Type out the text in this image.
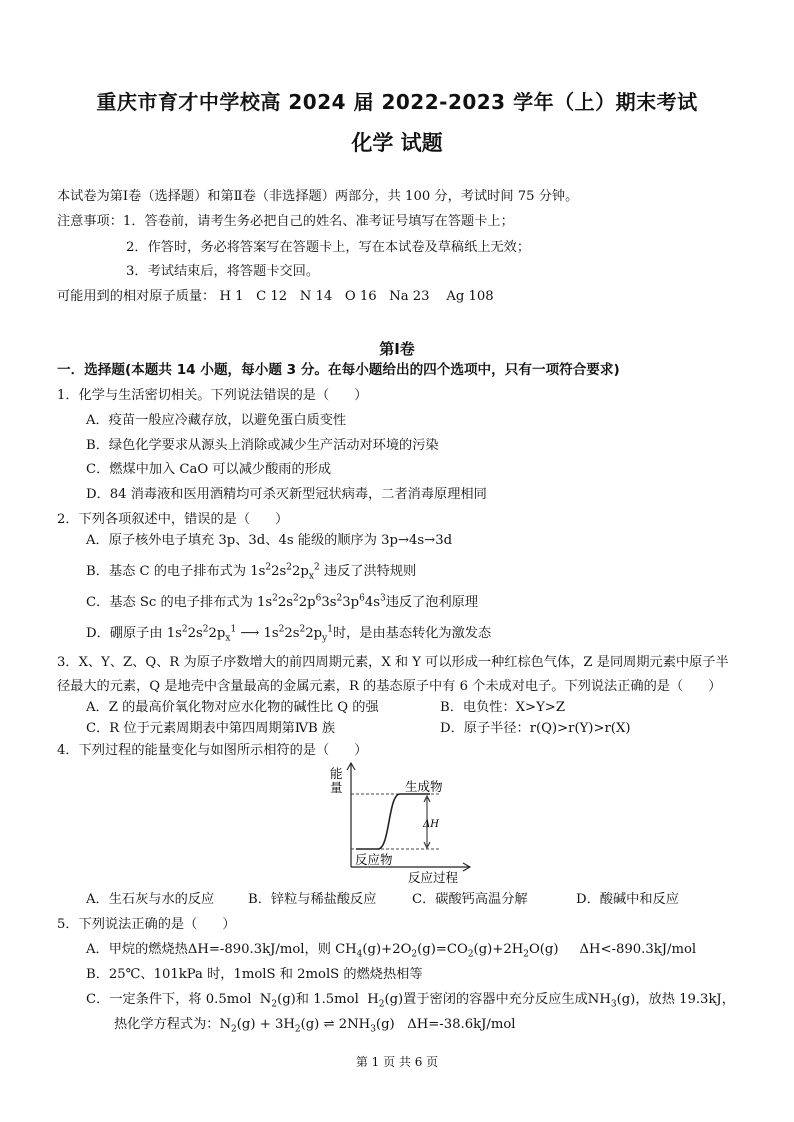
重庆市育才中学校高 2024 届 2022-2023 学年（上）期末考试
化学 试题
本试卷为第Ⅰ卷（选择题）和第Ⅱ卷（非选择题）两部分，共 100 分，考试时间 75 分钟。
注意事项：1．答卷前，请考生务必把自己的姓名、准考证号填写在答题卡上；
2．作答时，务必将答案写在答题卡上，写在本试卷及草稿纸上无效；
3．考试结束后，将答题卡交回。
可能用到的相对原子质量： H 1   C 12   N 14   O 16   Na 23    Ag 108
第Ⅰ卷
一．选择题(本题共 14 小题，每小题 3 分。在每小题给出的四个选项中，只有一项符合要求)
1．化学与生活密切相关。下列说法错误的是（      ）
A．疫苗一般应冷藏存放，以避免蛋白质变性
B．绿色化学要求从源头上消除或减少生产活动对环境的污染
C．燃煤中加入 CaO 可以减少酸雨的形成
D．84 消毒液和医用酒精均可杀灭新型冠状病毒，二者消毒原理相同
2．下列各项叙述中，错误的是（      ）
A．原子核外电子填充 3p、3d、4s 能级的顺序为 3p→4s→3d
B．基态 C 的电子排布式为 $1s^22s^22p_x^2$ 违反了洪特规则
C．基态 Sc 的电子排布式为 $1s^22s^22p^63s^23p^64s^3$违反了泡利原理
D．硼原子由 $1s^22s^22p_x^1$ ⟶ $1s^22s^22p_y^1$时，是由基态转化为激发态
3．X、Y、Z、Q、R 为原子序数增大的前四周期元素，X 和 Y 可以形成一种红棕色气体，Z 是同周期元素中原子半
径最大的元素，Q 是地壳中含量最高的金属元素，R 的基态原子中有 6 个未成对电子。下列说法正确的是（      ）
A．Z 的最高价氧化物对应水化物的碱性比 Q 的强	B．电负性：X>Y>Z
C．R 位于元素周期表中第四周期第ⅣB 族	D．原子半径：r(Q)>r(Y)>r(X)
4．下列过程的能量变化与如图所示相符的是（      ）
能
量	生成物
反应物
ΔH
反应过程
A．生石灰与水的反应	B．锌粒与稀盐酸反应	C．碳酸钙高温分解	D．酸碱中和反应
5．下列说法正确的是（      ）
A．甲烷的燃烧热ΔH=-890.3kJ/mol，则 $CH_4(g)+2O_2(g)=CO_2(g)+2H_2O(g)$     ΔH<-890.3kJ/mol
B．25℃、101kPa 时，1molS 和 2molS 的燃烧热相等
C．一定条件下，将 0.5mol  $N_2(g)$和 1.5mol  $H_2(g)$置于密闭的容器中充分反应生成$NH_3(g)$，放热 19.3kJ，
热化学方程式为：$N_2(g) + 3H_2(g)$ ⇌ $2NH_3(g)$   ΔH=-38.6kJ/mol
第 1 页 共 6 页
